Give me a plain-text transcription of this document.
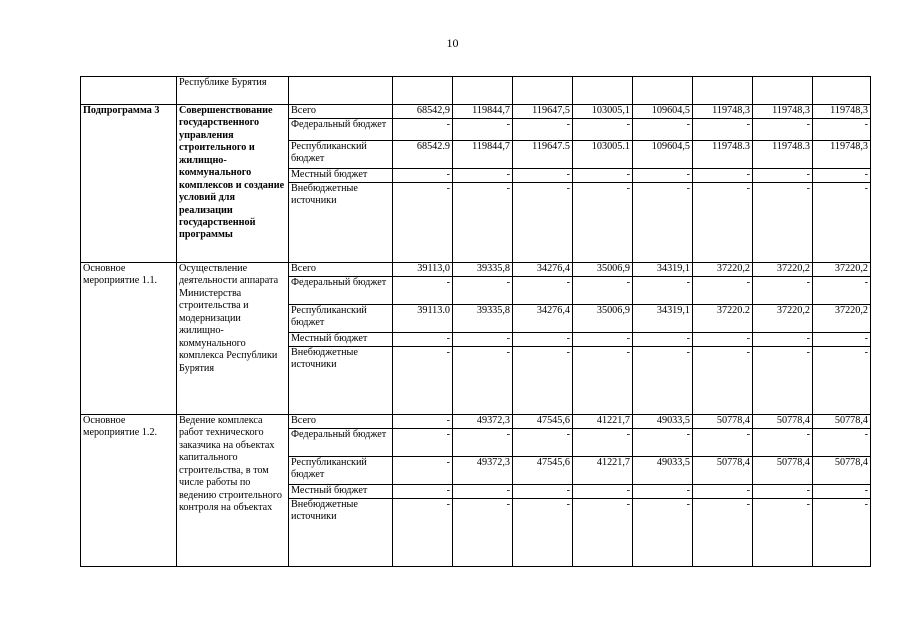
10
	Республике Бурятия									
Подпрограмма 3	Совершенствование государственного управления строительного и жилищно-коммунального комплексов и создание условий для реализации государственной программы	Всего	68542,9	119844,7	119647,5	103005,1	109604,5	119748,3	119748,3	119748,3
		Федеральный бюджет	-	-	-	-	-	-	-	-
		Республиканский бюджет	68542.9	119844,7	119647.5	103005.1	109604,5	119748.3	119748.3	119748,3
		Местный бюджет	-	-	-	-	-	-	-	-
		Внебюджетные источники	-	-	-	-	-	-	-	-
Основное мероприятие 1.1.	Осуществление деятельности аппарата Министерства строительства и модернизации жилищно-коммунального комплекса Республики Бурятия	Всего	39113,0	39335,8	34276,4	35006,9	34319,1	37220,2	37220,2	37220,2
		Федеральный бюджет	-	-	-	-	-	-	-	-
		Республиканский бюджет	39113.0	39335,8	34276,4	35006,9	34319,1	37220.2	37220,2	37220,2
		Местный бюджет	-	-	-	-	-	-	-	-
		Внебюджетные источники	-	-	-	-	-	-	-	-
Основное мероприятие 1.2.	Ведение комплекса работ технического заказчика на объектах капитального строительства, в том числе работы по ведению строительного контроля на объектах	Всего	-	49372,3	47545,6	41221,7	49033,5	50778,4	50778,4	50778,4
		Федеральный бюджет	-	-	-	-	-	-	-	-
		Республиканский бюджет	-	49372,3	47545,6	41221,7	49033,5	50778,4	50778,4	50778,4
		Местный бюджет	-	-	-	-	-	-	-	-
		Внебюджетные источники	-	-	-	-	-	-	-	-
